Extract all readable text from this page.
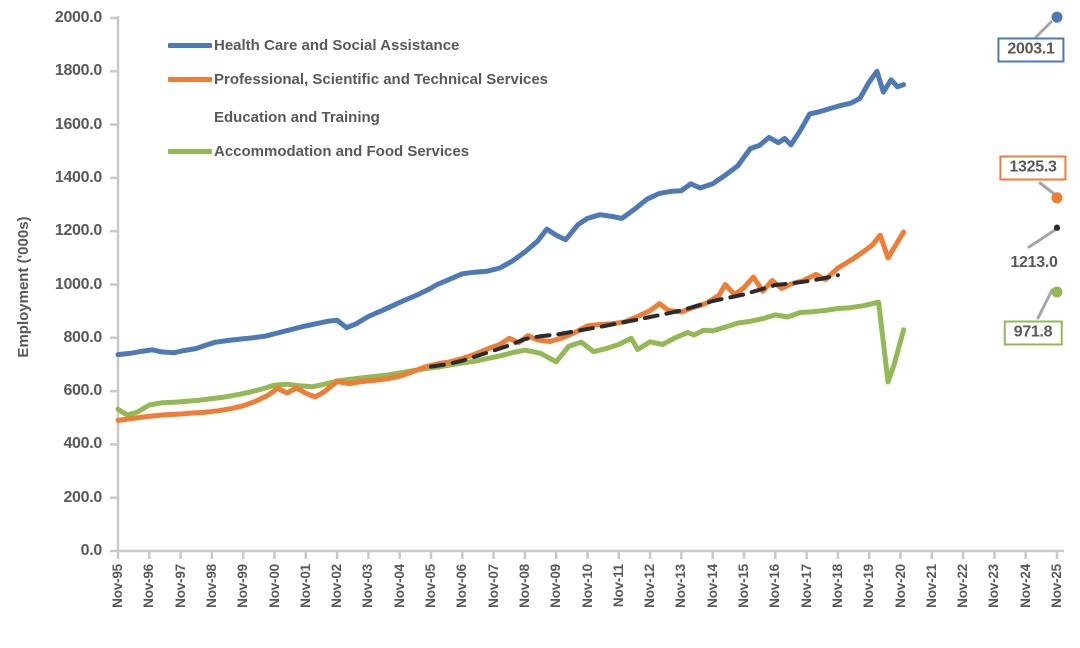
Employment ('000s)
Health Care and Social Assistance
Professional, Scientific and Technical Services
Education and Training
Accommodation and Food Services
2003.1
1325.3
1213.0
971.8
0.0
200.0
400.0
600.0
800.0
1000.0
1200.0
1400.0
1600.0
1800.0
2000.0
Nov-95 Nov-96 Nov-97 Nov-98 Nov-99 Nov-00 Nov-01 Nov-02 Nov-03 Nov-04 Nov-05 Nov-06 Nov-07 Nov-08 Nov-09 Nov-10 Nov-11 Nov-12 Nov-13 Nov-14 Nov-15 Nov-16 Nov-17 Nov-18 Nov-19 Nov-20 Nov-21 Nov-22 Nov-23 Nov-24 Nov-25
